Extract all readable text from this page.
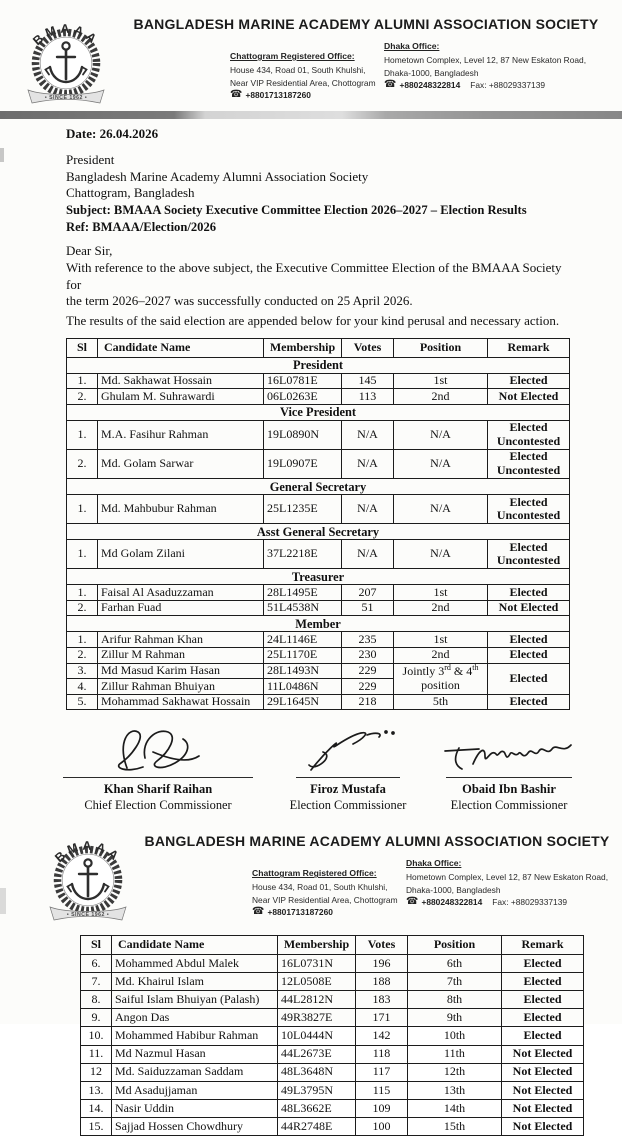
BMAAA
• SINCE 1962 •
BANGLADESH MARINE ACADEMY ALUMNI ASSOCIATION SOCIETY
Chattogram Registered Office:
House 434, Road 01, South Khulshi,
Near VIP Residential Area, Chottogram
☎ +8801713187260
Dhaka Office:
Hometown Complex, Level 12, 87 New Eskaton Road,
Dhaka-1000, Bangladesh
☎ +880248322814 Fax: +88029337139
Date: 26.04.2026
President
Bangladesh Marine Academy Alumni Association Society
Chattogram, Bangladesh
Subject: BMAAA Society Executive Committee Election 2026–2027 – Election Results
Ref: BMAAA/Election/2026
Dear Sir,
With reference to the above subject, the Executive Committee Election of the BMAAA Society for
the term 2026–2027 was successfully conducted on 25 April 2026.
The results of the said election are appended below for your kind perusal and necessary action.
Sl	Candidate Name	Membership	Votes	Position	Remark
President					
1.	Md. Sakhawat Hossain	16L0781E	145	1st	Elected
2.	Ghulam M. Suhrawardi	06L0263E	113	2nd	Not Elected
Vice President					
1.	M.A. Fasihur Rahman	19L0890N	N/A	N/A	Elected Uncontested
2.	Md. Golam Sarwar	19L0907E	N/A	N/A	Elected Uncontested
General Secretary					
1.	Md. Mahbubur Rahman	25L1235E	N/A	N/A	Elected Uncontested
Asst General Secretary					
1.	Md Golam Zilani	37L2218E	N/A	N/A	Elected Uncontested
Treasurer					
1.	Faisal Al Asaduzzaman	28L1495E	207	1st	Elected
2.	Farhan Fuad	51L4538N	51	2nd	Not Elected
Member					
1.	Arifur Rahman Khan	24L1146E	235	1st	Elected
2.	Zillur M Rahman	25L1170E	230	2nd	Elected
3.	Md Masud Karim Hasan	28L1493N	229	Jointly 3rd & 4th position	Elected
4.	Zillur Rahman Bhuiyan	11L0486N	229		
5.	Mohammad Sakhawat Hossain	29L1645N	218	5th	Elected
Khan Sharif Raihan
Chief Election Commissioner
Firoz Mustafa
Election Commissioner
Obaid Ibn Bashir
Election Commissioner
BMAAA
• SINCE 1962 •
BANGLADESH MARINE ACADEMY ALUMNI ASSOCIATION SOCIETY
Chattogram Registered Office:
House 434, Road 01, South Khulshi,
Near VIP Residential Area, Chottogram
☎ +8801713187260
Dhaka Office:
Hometown Complex, Level 12, 87 New Eskaton Road,
Dhaka-1000, Bangladesh
☎ +880248322814 Fax: +88029337139
Sl	Candidate Name	Membership	Votes	Position	Remark
6.	Mohammed Abdul Malek	16L0731N	196	6th	Elected
7.	Md. Khairul Islam	12L0508E	188	7th	Elected
8.	Saiful Islam Bhuiyan (Palash)	44L2812N	183	8th	Elected
9.	Angon Das	49R3827E	171	9th	Elected
10.	Mohammed Habibur Rahman	10L0444N	142	10th	Elected
11.	Md Nazmul Hasan	44L2673E	118	11th	Not Elected
12	Md. Saiduzzaman Saddam	48L3648N	117	12th	Not Elected
13.	Md Asadujjaman	49L3795N	115	13th	Not Elected
14.	Nasir Uddin	48L3662E	109	14th	Not Elected
15.	Sajjad Hossen Chowdhury	44R2748E	100	15th	Not Elected
